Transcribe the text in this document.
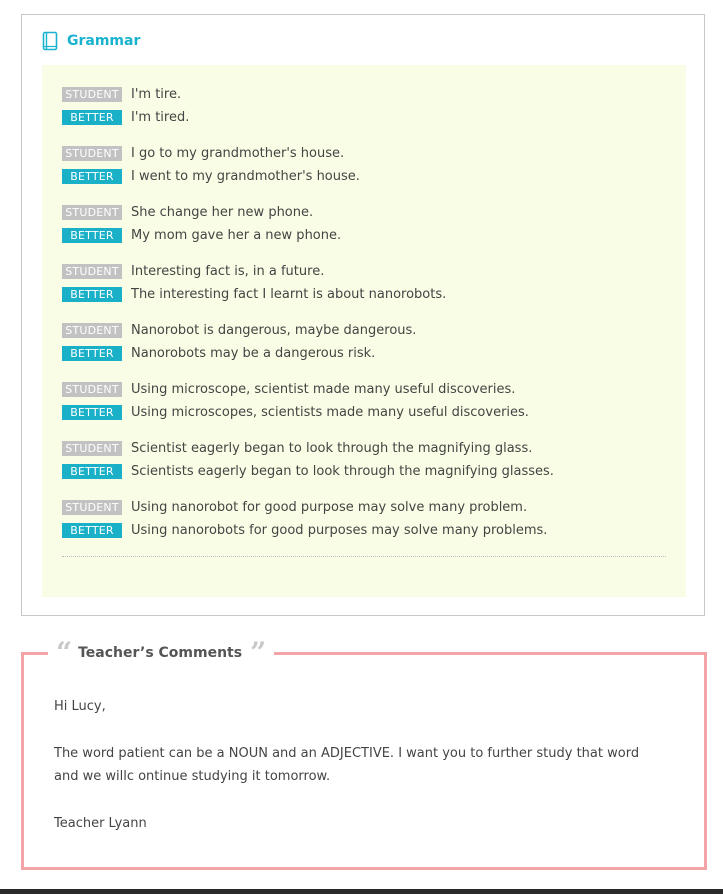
Grammar
STUDENT I'm tire.
BETTER	I'm tired.
STUDENT I go to my grandmother's house.
BETTER	I went to my grandmother's house.
STUDENT She change her new phone.
BETTER	My mom gave her a new phone.
STUDENT Interesting fact is, in a future.
BETTER	The interesting fact I learnt is about nanorobots.
STUDENT Nanorobot is dangerous, maybe dangerous.
BETTER	Nanorobots may be a dangerous risk.
STUDENT Using microscope, scientist made many useful discoveries.
BETTER	Using microscopes, scientists made many useful discoveries.
STUDENT Scientist eagerly began to look through the magnifying glass.
BETTER	Scientists eagerly began to look through the magnifying glasses.
STUDENT Using nanorobot for good purpose may solve many problem.
BETTER	Using nanorobots for good purposes may solve many problems.
“ Teacher’s Comments ”

Hi Lucy,

The word patient can be a NOUN and an ADJECTIVE. I want you to further study that word and we willc ontinue studying it tomorrow.

Teacher Lyann
